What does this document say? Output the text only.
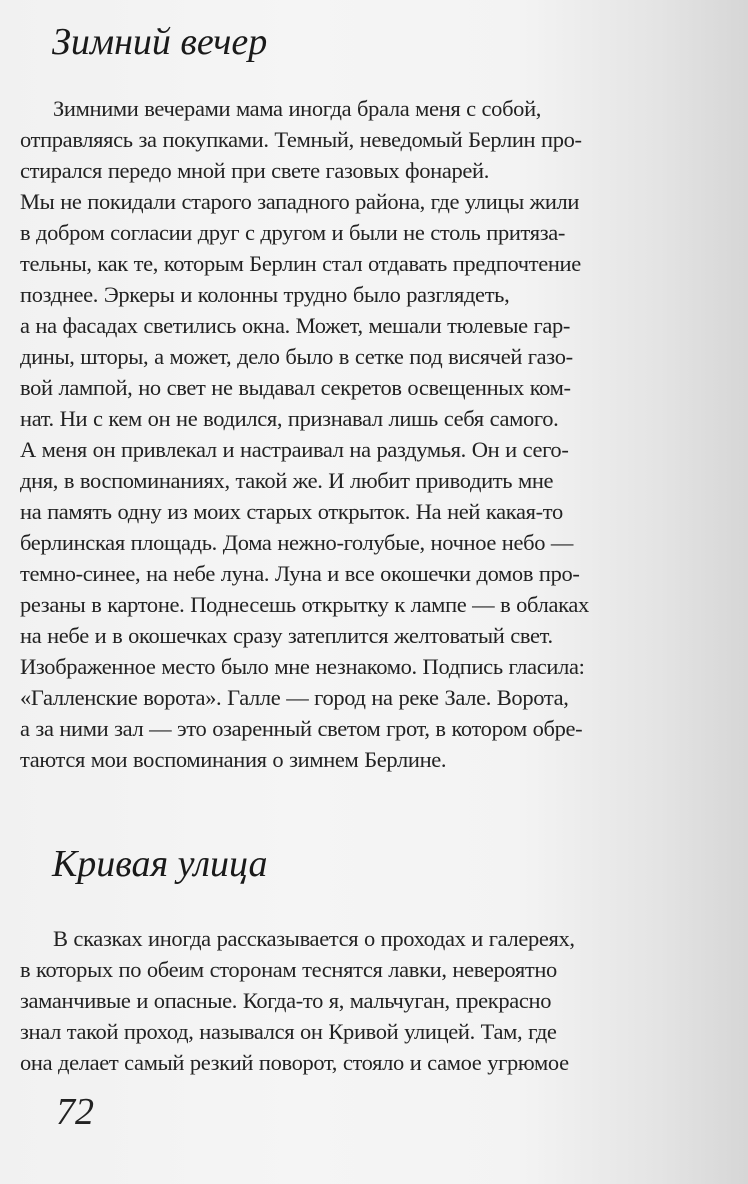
Зимний вечер
Зимними вечерами мама иногда брала меня с собой,
отправляясь за покупками. Темный, неведомый Берлин про-
стирался передо мной при свете газовых фонарей.
Мы не покидали старого западного района, где улицы жили
в добром согласии друг с другом и были не столь притяза-
тельны, как те, которым Берлин стал отдавать предпочтение
позднее. Эркеры и колонны трудно было разглядеть,
а на фасадах светились окна. Может, мешали тюлевые гар-
дины, шторы, а может, дело было в сетке под висячей газо-
вой лампой, но свет не выдавал секретов освещенных ком-
нат. Ни с кем он не водился, признавал лишь себя самого.
А меня он привлекал и настраивал на раздумья. Он и сего-
дня, в воспоминаниях, такой же. И любит приводить мне
на память одну из моих старых открыток. На ней какая-то
берлинская площадь. Дома нежно-голубые, ночное небо —
темно-синее, на небе луна. Луна и все окошечки домов про-
резаны в картоне. Поднесешь открытку к лампе — в облаках
на небе и в окошечках сразу затеплится желтоватый свет.
Изображенное место было мне незнакомо. Подпись гласила:
«Галленские ворота». Галле — город на реке Зале. Ворота,
а за ними зал — это озаренный светом грот, в котором обре-
таются мои воспоминания о зимнем Берлине.
Кривая улица
В сказках иногда рассказывается о проходах и галереях,
в которых по обеим сторонам теснятся лавки, невероятно
заманчивые и опасные. Когда-то я, мальчуган, прекрасно
знал такой проход, назывался он Кривой улицей. Там, где
она делает самый резкий поворот, стояло и самое угрюмое
72
